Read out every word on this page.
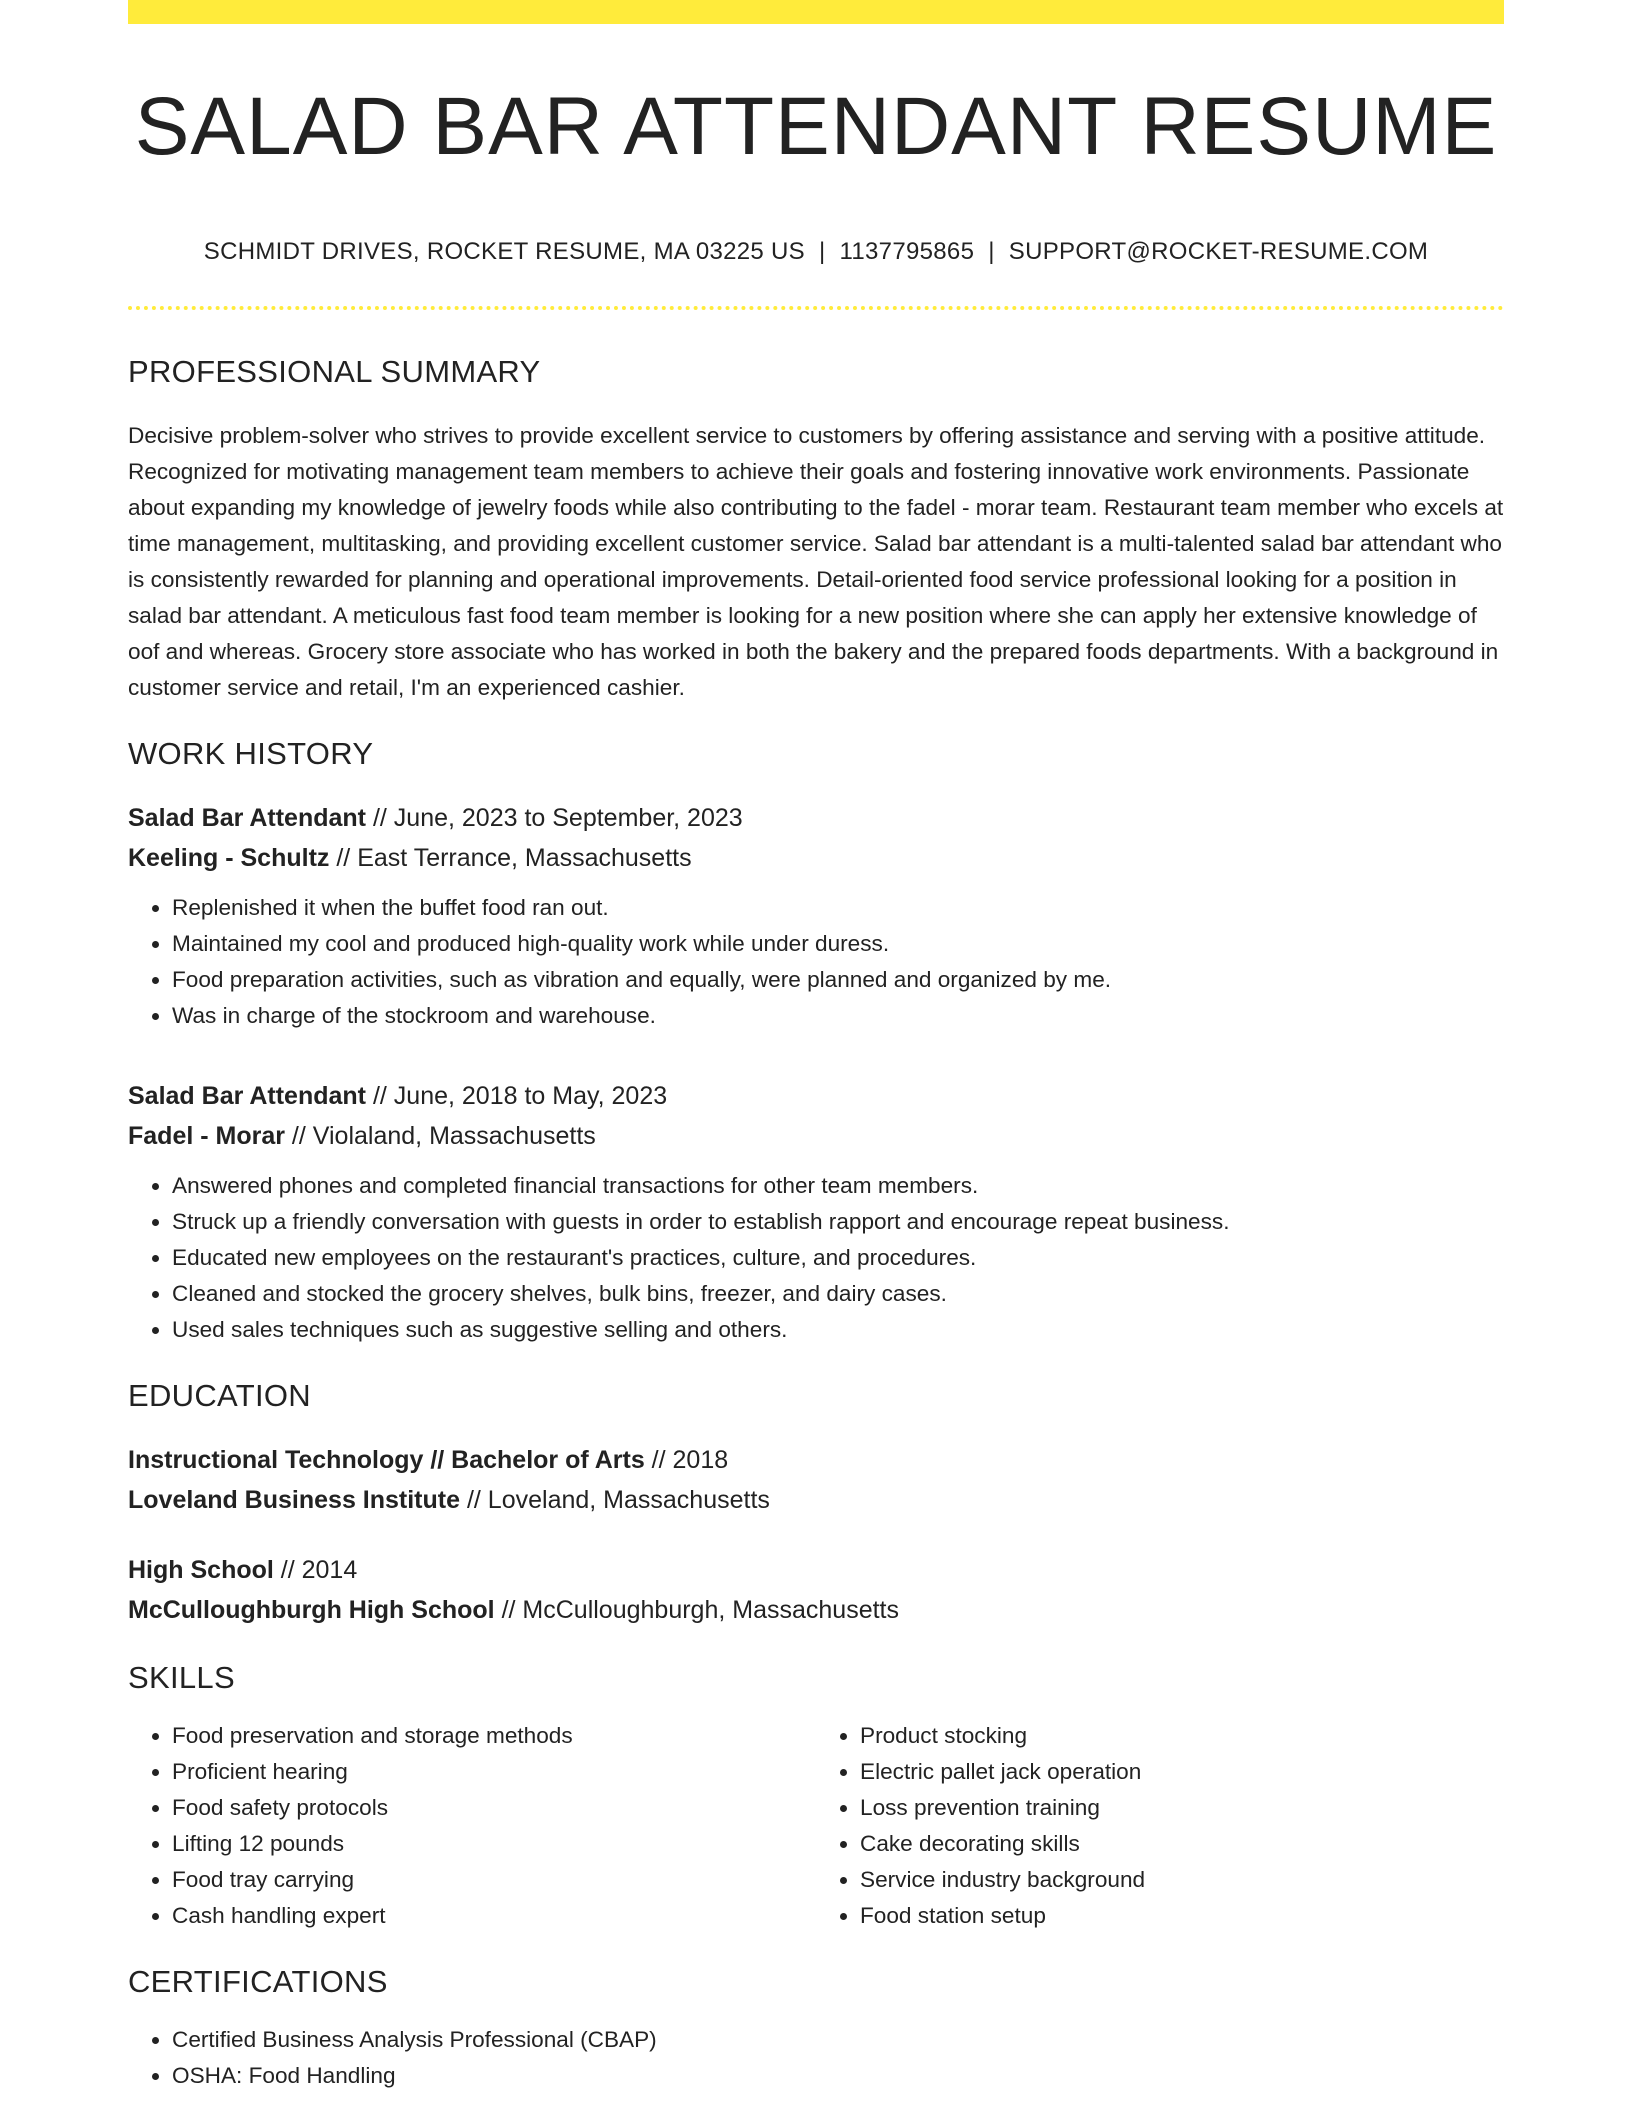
SALAD BAR ATTENDANT RESUME
SCHMIDT DRIVES, ROCKET RESUME, MA 03225 US | 1137795865 | SUPPORT@ROCKET-RESUME.COM
PROFESSIONAL SUMMARY

Decisive problem-solver who strives to provide excellent service to customers by offering assistance and serving with a positive attitude. Recognized for motivating management team members to achieve their goals and fostering innovative work environments. Passionate about expanding my knowledge of jewelry foods while also contributing to the fadel - morar team. Restaurant team member who excels at time management, multitasking, and providing excellent customer service. Salad bar attendant is a multi-talented salad bar attendant who is consistently rewarded for planning and operational improvements. Detail-oriented food service professional looking for a position in salad bar attendant. A meticulous fast food team member is looking for a new position where she can apply her extensive knowledge of oof and whereas. Grocery store associate who has worked in both the bakery and the prepared foods departments. With a background in customer service and retail, I'm an experienced cashier.

WORK HISTORY
Salad Bar Attendant // June, 2023 to September, 2023
Keeling - Schultz // East Terrance, Massachusetts
• Replenished it when the buffet food ran out.
• Maintained my cool and produced high-quality work while under duress.
• Food preparation activities, such as vibration and equally, were planned and organized by me.
• Was in charge of the stockroom and warehouse.
Salad Bar Attendant // June, 2018 to May, 2023
Fadel - Morar // Violaland, Massachusetts
• Answered phones and completed financial transactions for other team members.
• Struck up a friendly conversation with guests in order to establish rapport and encourage repeat business.
• Educated new employees on the restaurant's practices, culture, and procedures.
• Cleaned and stocked the grocery shelves, bulk bins, freezer, and dairy cases.
• Used sales techniques such as suggestive selling and others.
EDUCATION
Instructional Technology // Bachelor of Arts // 2018
Loveland Business Institute // Loveland, Massachusetts
High School // 2014
McCulloughburgh High School // McCulloughburgh, Massachusetts
SKILLS
• Food preservation and storage methods
• Proficient hearing
• Food safety protocols
• Lifting 12 pounds
• Food tray carrying
• Cash handling expert
• Product stocking
• Electric pallet jack operation
• Loss prevention training
• Cake decorating skills
• Service industry background
• Food station setup
CERTIFICATIONS
• Certified Business Analysis Professional (CBAP)
• OSHA: Food Handling
